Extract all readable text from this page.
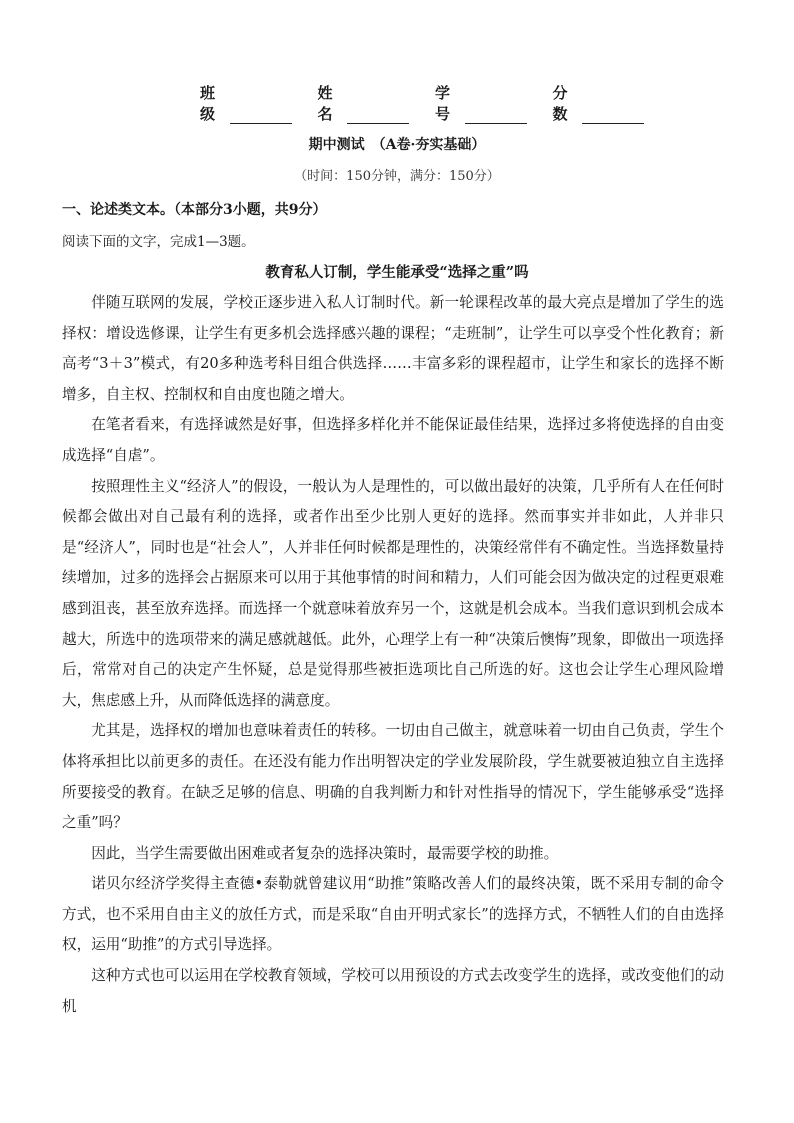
班级
姓名
学号
分数
期中测试　（A卷·夯实基础）
（时间：150分钟，满分：150分）
一、论述类文本。（本部分3小题，共9分）
阅读下面的文字，完成1—3题。
教育私人订制，学生能承受“选择之重”吗

伴随互联网的发展，学校正逐步进入私人订制时代。新一轮课程改革的最大亮点是增加了学生的选择权：增设选修课，让学生有更多机会选择感兴趣的课程；“走班制”，让学生可以享受个性化教育；新高考“3＋3”模式，有20多种选考科目组合供选择……丰富多彩的课程超市，让学生和家长的选择不断增多，自主权、控制权和自由度也随之增大。

在笔者看来，有选择诚然是好事，但选择多样化并不能保证最佳结果，选择过多将使选择的自由变成选择“自虐”。

按照理性主义“经济人”的假设，一般认为人是理性的，可以做出最好的决策，几乎所有人在任何时候都会做出对自己最有利的选择，或者作出至少比别人更好的选择。然而事实并非如此，人并非只是“经济人”，同时也是“社会人”，人并非任何时候都是理性的，决策经常伴有不确定性。当选择数量持续增加，过多的选择会占据原来可以用于其他事情的时间和精力，人们可能会因为做决定的过程更艰难感到沮丧，甚至放弃选择。而选择一个就意味着放弃另一个，这就是机会成本。当我们意识到机会成本越大，所选中的选项带来的满足感就越低。此外，心理学上有一种“决策后懊悔”现象，即做出一项选择后，常常对自己的决定产生怀疑，总是觉得那些被拒选项比自己所选的好。这也会让学生心理风险增大，焦虑感上升，从而降低选择的满意度。

尤其是，选择权的增加也意味着责任的转移。一切由自己做主，就意味着一切由自己负责，学生个体将承担比以前更多的责任。在还没有能力作出明智决定的学业发展阶段，学生就要被迫独立自主选择所要接受的教育。在缺乏足够的信息、明确的自我判断力和针对性指导的情况下，学生能够承受“选择之重”吗？

因此，当学生需要做出困难或者复杂的选择决策时，最需要学校的助推。

诺贝尔经济学奖得主查德•泰勒就曾建议用“助推”策略改善人们的最终决策，既不采用专制的命令方式，也不采用自由主义的放任方式，而是采取“自由开明式家长”的选择方式，不牺牲人们的自由选择权，运用“助推”的方式引导选择。

这种方式也可以运用在学校教育领域，学校可以用预设的方式去改变学生的选择，或改变他们的动机
